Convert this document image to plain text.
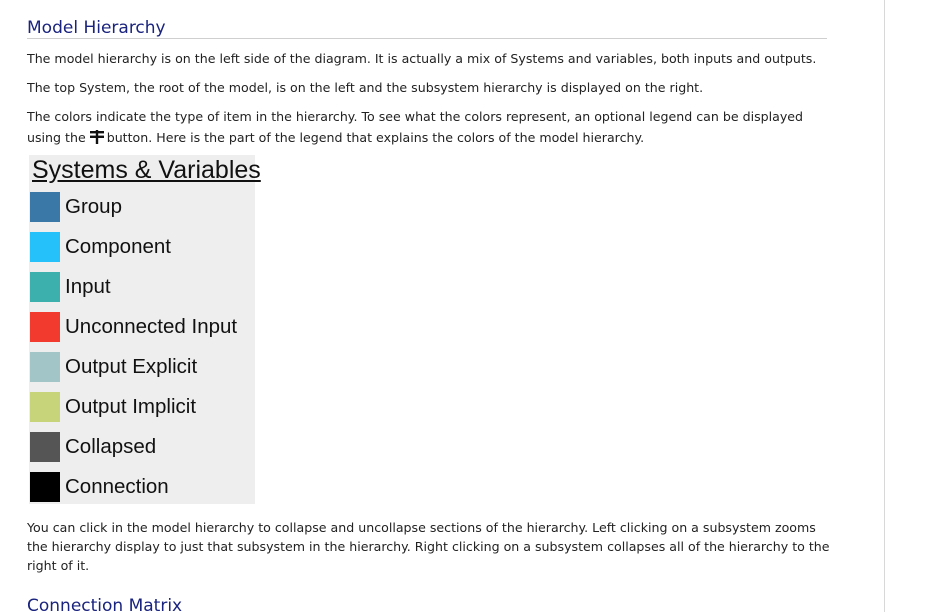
Model Hierarchy

The model hierarchy is on the left side of the diagram. It is actually a mix of Systems and variables, both inputs and outputs.

The top System, the root of the model, is on the left and the subsystem hierarchy is displayed on the right.

The colors indicate the type of item in the hierarchy. To see what the colors represent, an optional legend can be displayed using the button. Here is the part of the legend that explains the colors of the model hierarchy.

Systems & Variables
Group
Component
Input
Unconnected Input
Output Explicit
Output Implicit
Collapsed
Connection

You can click in the model hierarchy to collapse and uncollapse sections of the hierarchy. Left clicking on a subsystem zooms the hierarchy display to just that subsystem in the hierarchy. Right clicking on a subsystem collapses all of the hierarchy to the right of it.

Connection Matrix
